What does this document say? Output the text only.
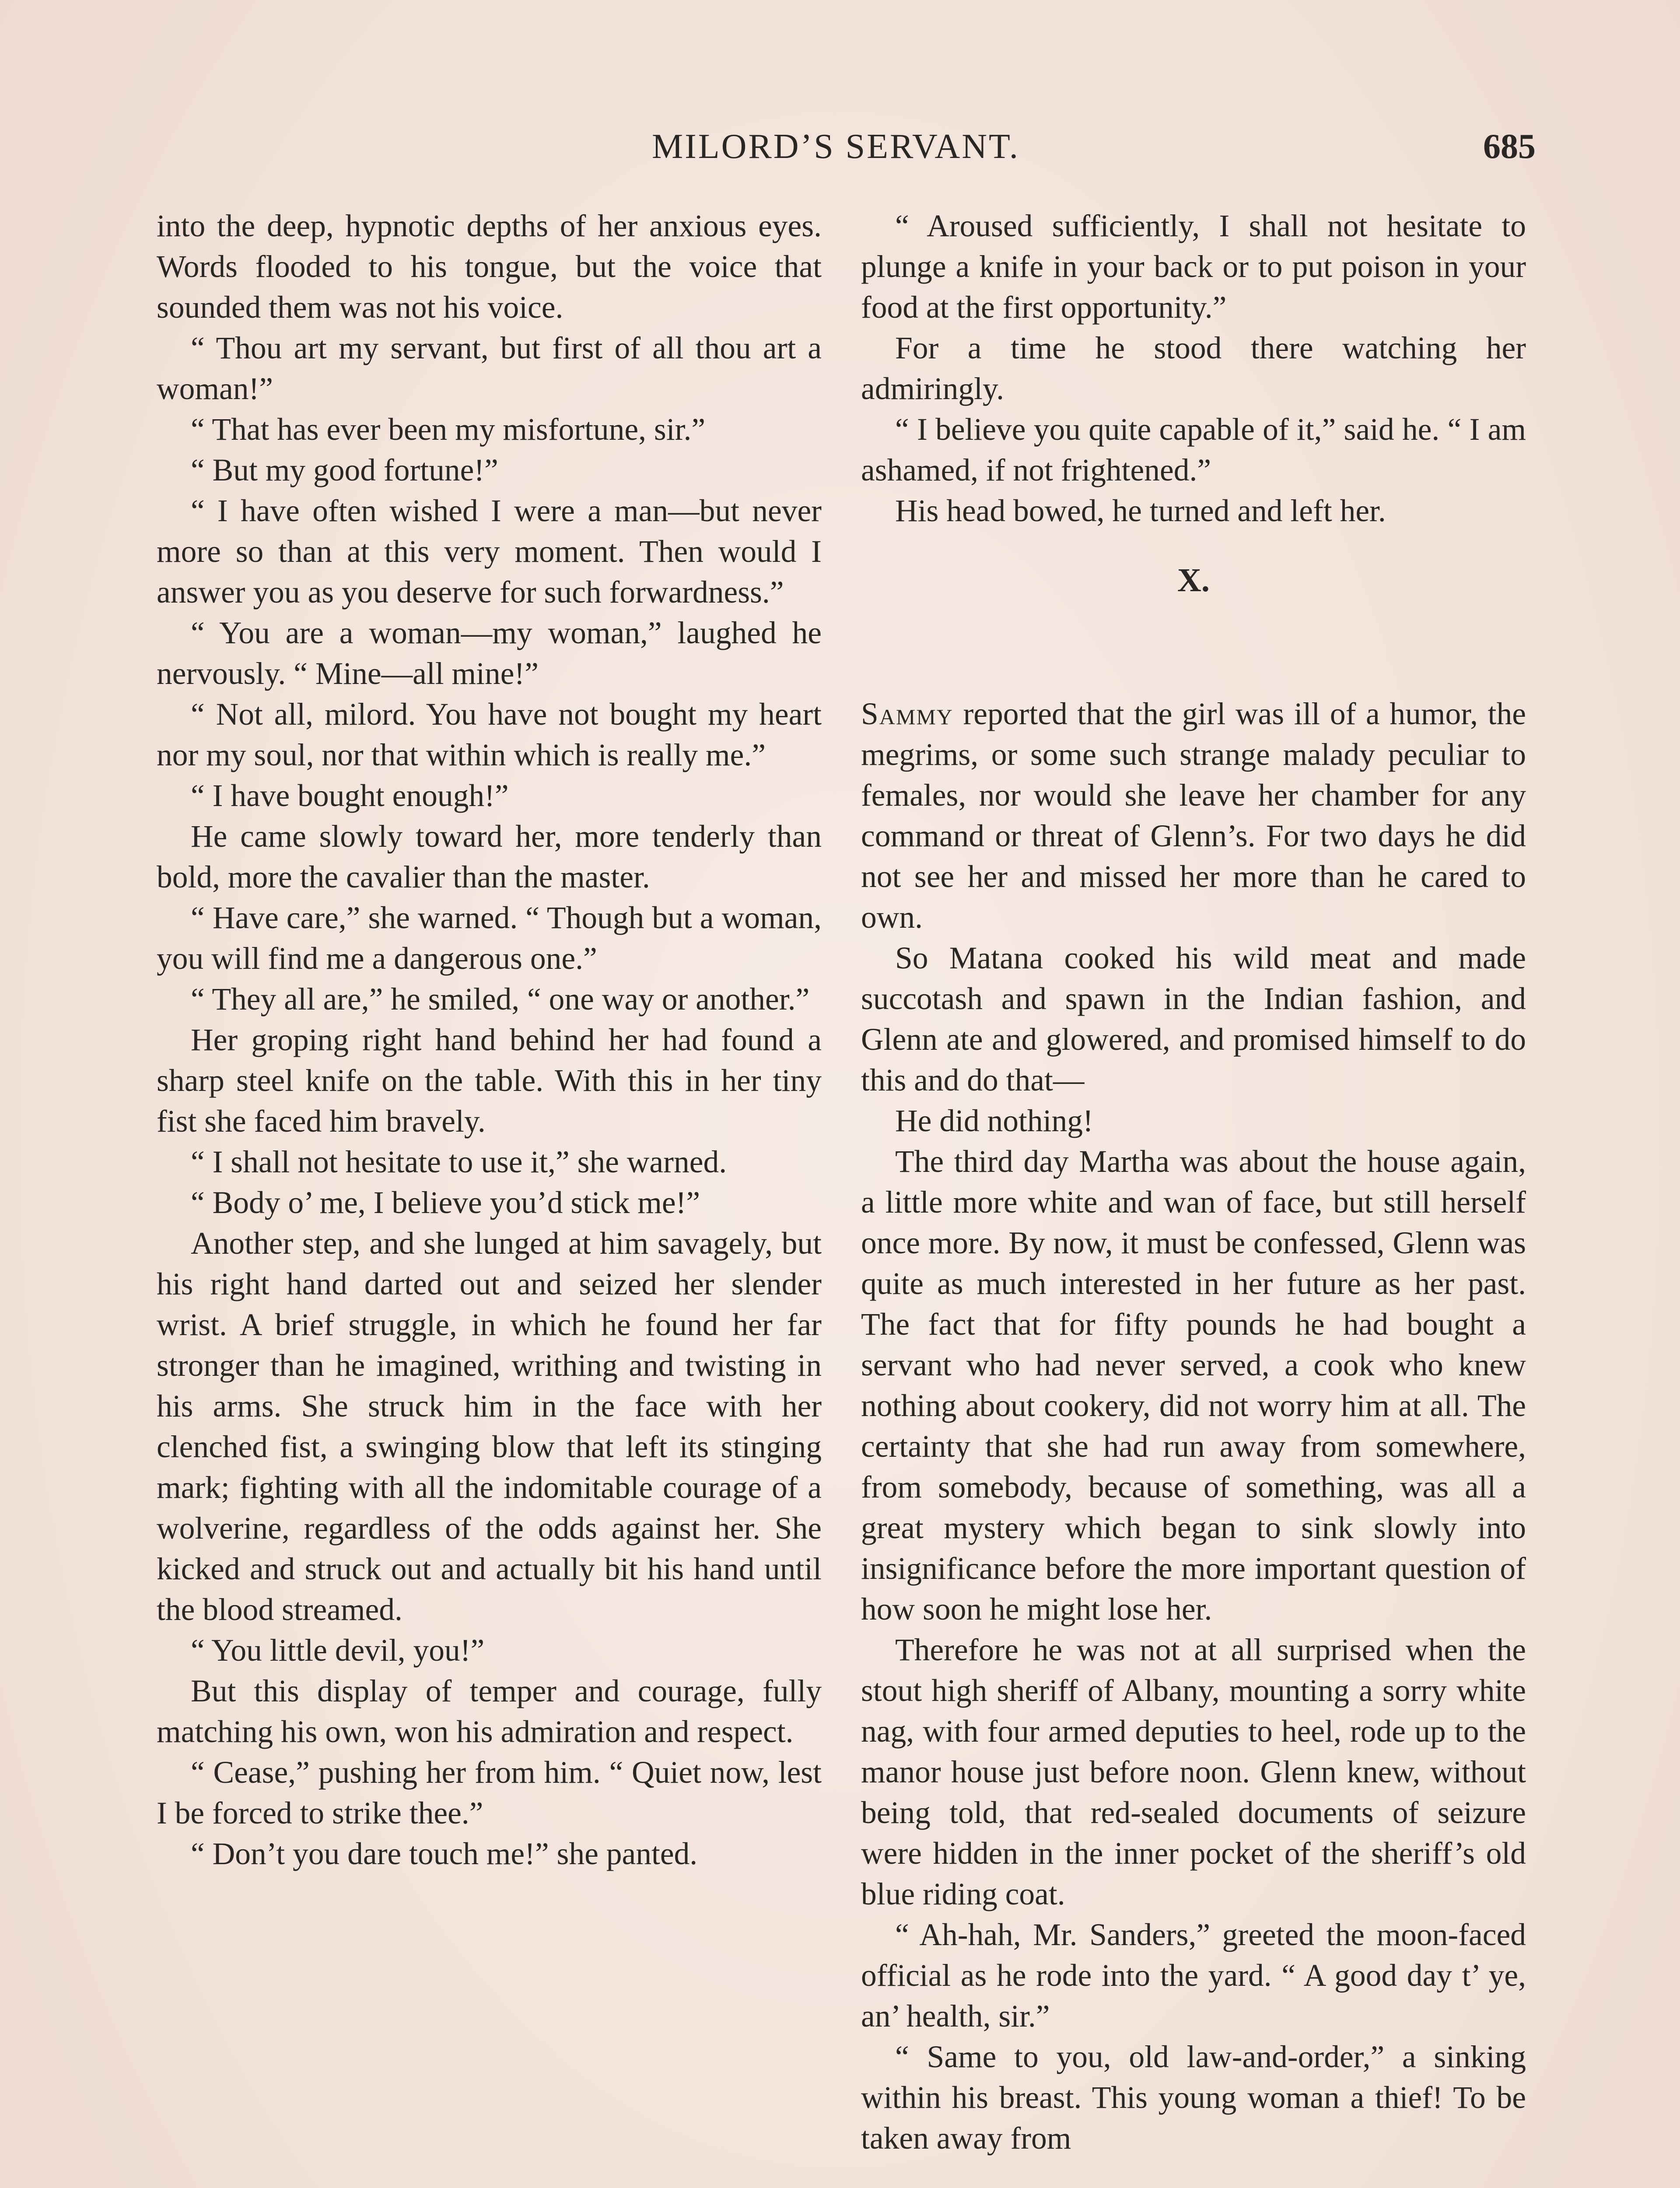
MILORD’S SERVANT.	685

into the deep, hypnotic depths of her anxious eyes. Words flooded to his tongue, but the voice that sounded them was not his voice.

“ Thou art my servant, but first of all thou art a woman!”

“ That has ever been my misfortune, sir.”

“ But my good fortune!”

“ I have often wished I were a man—but never more so than at this very moment. Then would I answer you as you deserve for such forwardness.”

“ You are a woman—my woman,” laughed he nervously. “ Mine—all mine!”

“ Not all, milord. You have not bought my heart nor my soul, nor that within which is really me.”

“ I have bought enough!”

He came slowly toward her, more tenderly than bold, more the cavalier than the master.

“ Have care,” she warned. “ Though but a woman, you will find me a dangerous one.”

“ They all are,” he smiled, “ one way or another.”

Her groping right hand behind her had found a sharp steel knife on the table. With this in her tiny fist she faced him bravely.

“ I shall not hesitate to use it,” she warned.

“ Body o’ me, I believe you’d stick me!”

Another step, and she lunged at him savagely, but his right hand darted out and seized her slender wrist. A brief struggle, in which he found her far stronger than he imagined, writhing and twisting in his arms. She struck him in the face with her clenched fist, a swinging blow that left its stinging mark; fighting with all the indomitable courage of a wolverine, regardless of the odds against her. She kicked and struck out and actually bit his hand until the blood streamed.

“ You little devil, you!”

But this display of temper and courage, fully matching his own, won his admiration and respect.

“ Cease,” pushing her from him. “ Quiet now, lest I be forced to strike thee.”

“ Don’t you dare touch me!” she panted.

“ Aroused sufficiently, I shall not hesitate to plunge a knife in your back or to put poison in your food at the first opportunity.”

For a time he stood there watching her admiringly.

“ I believe you quite capable of it,” said he. “ I am ashamed, if not frightened.”

His head bowed, he turned and left her.

X.

Sammy reported that the girl was ill of a humor, the megrims, or some such strange malady peculiar to females, nor would she leave her chamber for any command or threat of Glenn’s. For two days he did not see her and missed her more than he cared to own.

So Matana cooked his wild meat and made succotash and spawn in the Indian fashion, and Glenn ate and glowered, and promised himself to do this and do that—

He did nothing!

The third day Martha was about the house again, a little more white and wan of face, but still herself once more. By now, it must be confessed, Glenn was quite as much interested in her future as her past. The fact that for fifty pounds he had bought a servant who had never served, a cook who knew nothing about cookery, did not worry him at all. The certainty that she had run away from somewhere, from somebody, because of something, was all a great mystery which began to sink slowly into insignificance before the more important question of how soon he might lose her.

Therefore he was not at all surprised when the stout high sheriff of Albany, mounting a sorry white nag, with four armed deputies to heel, rode up to the manor house just before noon. Glenn knew, without being told, that red-sealed documents of seizure were hidden in the inner pocket of the sheriff’s old blue riding coat.

“ Ah-hah, Mr. Sanders,” greeted the moon-faced official as he rode into the yard. “ A good day t’ ye, an’ health, sir.”

“ Same to you, old law-and-order,” a sinking within his breast. This young woman a thief! To be taken away from
